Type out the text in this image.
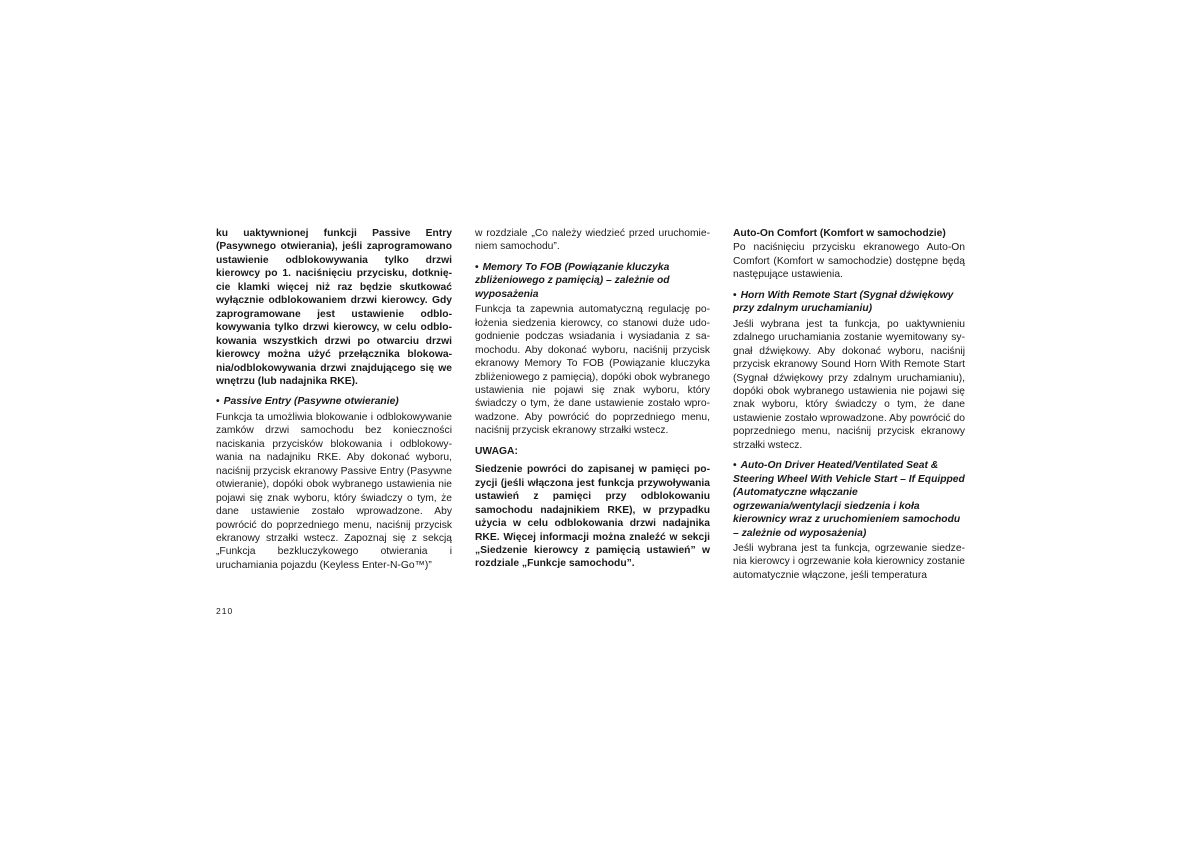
ku uaktywnionej funkcji Passive Entry (Pasywnego otwierania), jeśli zaprogramowano ustawienie odblokowywania tylko drzwi kierowcy po 1. naciśnięciu przycisku, dotknięcie klamki więcej niż raz będzie skutkować wyłącznie odblokowaniem drzwi kierowcy. Gdy zaprogramowane jest ustawienie odblokowywania tylko drzwi kierowcy, w celu odblokowania wszystkich drzwi po otwarciu drzwi kierowcy można użyć przełącznika blokowania/odblokowywania drzwi znajdującego się we wnętrzu (lub nadajnika RKE).

• Passive Entry (Pasywne otwieranie)

Funkcja ta umożliwia blokowanie i odblokowywanie zamków drzwi samochodu bez konieczności naciskania przycisków blokowania i odblokowywania na nadajniku RKE. Aby dokonać wyboru, naciśnij przycisk ekranowy Passive Entry (Pasywne otwieranie), dopóki obok wybranego ustawienia nie pojawi się znak wyboru, który świadczy o tym, że dane ustawienie zostało wprowadzone. Aby powrócić do poprzedniego menu, naciśnij przycisk ekranowy strzałki wstecz. Zapoznaj się z sekcją „Funkcja bezkluczykowego otwierania i uruchamiania pojazdu (Keyless Enter-N-Go™)”

w rozdziale „Co należy wiedzieć przed uruchomieniem samochodu”.

• Memory To FOB (Powiązanie kluczyka zbliżeniowego z pamięcią) – zależnie od wyposażenia

Funkcja ta zapewnia automatyczną regulację położenia siedzenia kierowcy, co stanowi duże udogodnienie podczas wsiadania i wysiadania z samochodu. Aby dokonać wyboru, naciśnij przycisk ekranowy Memory To FOB (Powiązanie kluczyka zbliżeniowego z pamięcią), dopóki obok wybranego ustawienia nie pojawi się znak wyboru, który świadczy o tym, że dane ustawienie zostało wprowadzone. Aby powrócić do poprzedniego menu, naciśnij przycisk ekranowy strzałki wstecz.

UWAGA:

Siedzenie powróci do zapisanej w pamięci pozycji (jeśli włączona jest funkcja przywoływania ustawień z pamięci przy odblokowaniu samochodu nadajnikiem RKE), w przypadku użycia w celu odblokowania drzwi nadajnika RKE. Więcej informacji można znaleźć w sekcji „Siedzenie kierowcy z pamięcią ustawień” w rozdziale „Funkcje samochodu”.

Auto-On Comfort (Komfort w samochodzie)

Po naciśnięciu przycisku ekranowego Auto-On Comfort (Komfort w samochodzie) dostępne będą następujące ustawienia.

• Horn With Remote Start (Sygnał dźwiękowy przy zdalnym uruchamianiu)

Jeśli wybrana jest ta funkcja, po uaktywnieniu zdalnego uruchamiania zostanie wyemitowany sygnał dźwiękowy. Aby dokonać wyboru, naciśnij przycisk ekranowy Sound Horn With Remote Start (Sygnał dźwiękowy przy zdalnym uruchamianiu), dopóki obok wybranego ustawienia nie pojawi się znak wyboru, który świadczy o tym, że dane ustawienie zostało wprowadzone. Aby powrócić do poprzedniego menu, naciśnij przycisk ekranowy strzałki wstecz.

• Auto-On Driver Heated/Ventilated Seat & Steering Wheel With Vehicle Start – If Equipped (Automatyczne włączanie ogrzewania/wentylacji siedzenia i koła kierownicy wraz z uruchomieniem samochodu – zależnie od wyposażenia)

Jeśli wybrana jest ta funkcja, ogrzewanie siedzenia kierowcy i ogrzewanie koła kierownicy zostanie automatycznie włączone, jeśli temperatura

210
